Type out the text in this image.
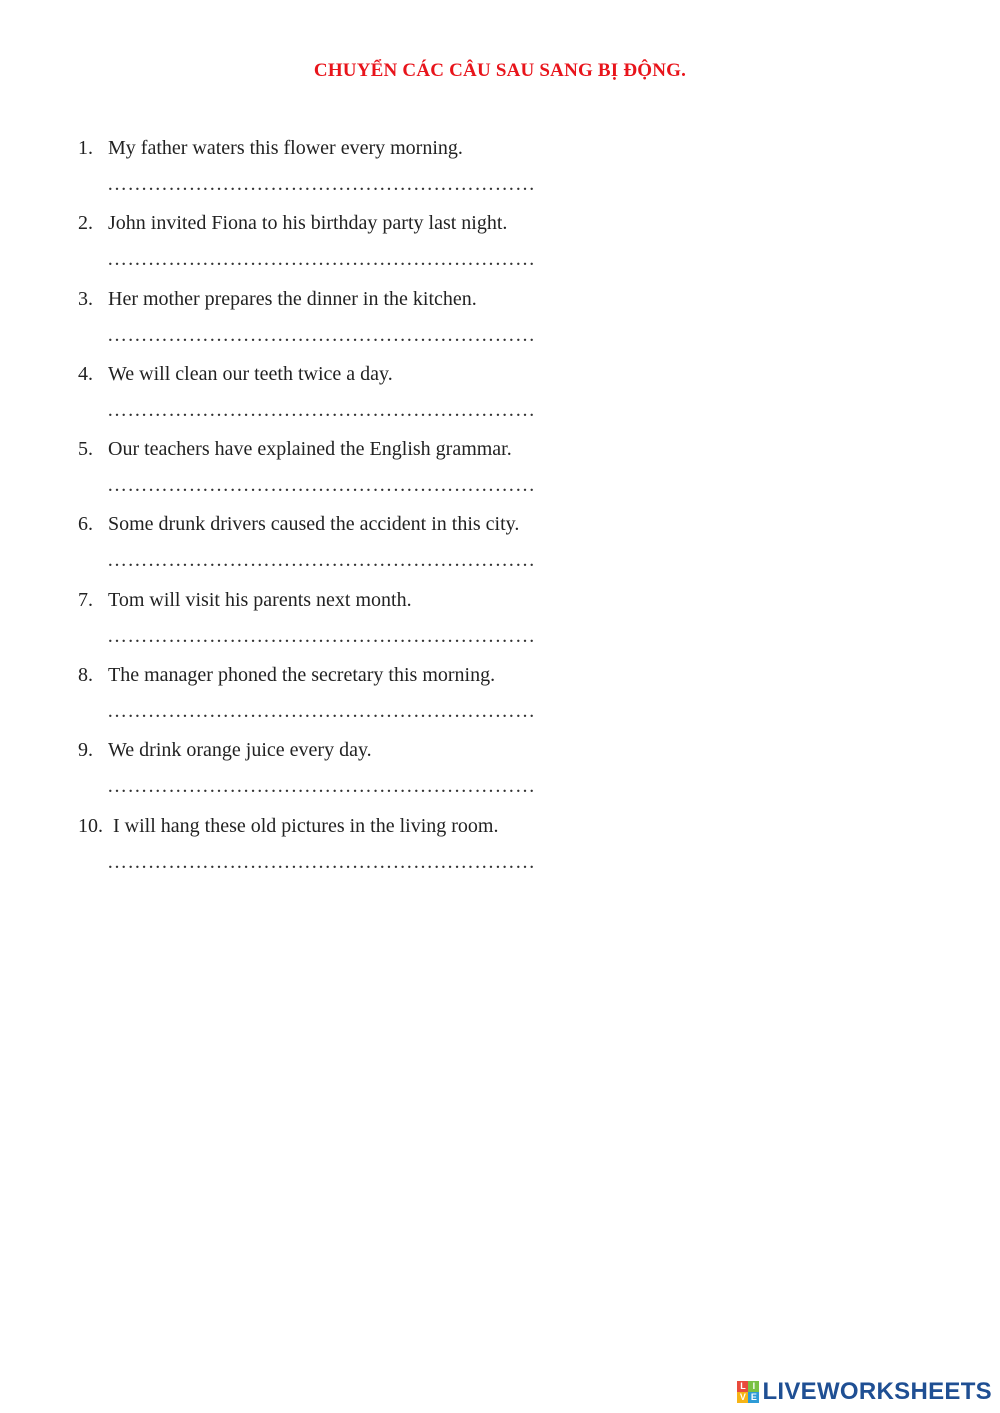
CHUYỂN CÁC CÂU SAU SANG BỊ ĐỘNG.
1. My father waters this flower every morning.
………………………………………………………
2. John invited Fiona to his birthday party last night.
………………………………………………………
3. Her mother prepares the dinner in the kitchen.
………………………………………………………
4. We will clean our teeth twice a day.
………………………………………………………
5. Our teachers have explained the English grammar.
………………………………………………………
6. Some drunk drivers caused the accident in this city.
………………………………………………………
7. Tom will visit his parents next month.
………………………………………………………
8. The manager phoned the secretary this morning.
………………………………………………………
9. We drink orange juice every day.
………………………………………………………
10. I will hang these old pictures in the living room.
………………………………………………………
L I
V E LIVEWORKSHEETS
